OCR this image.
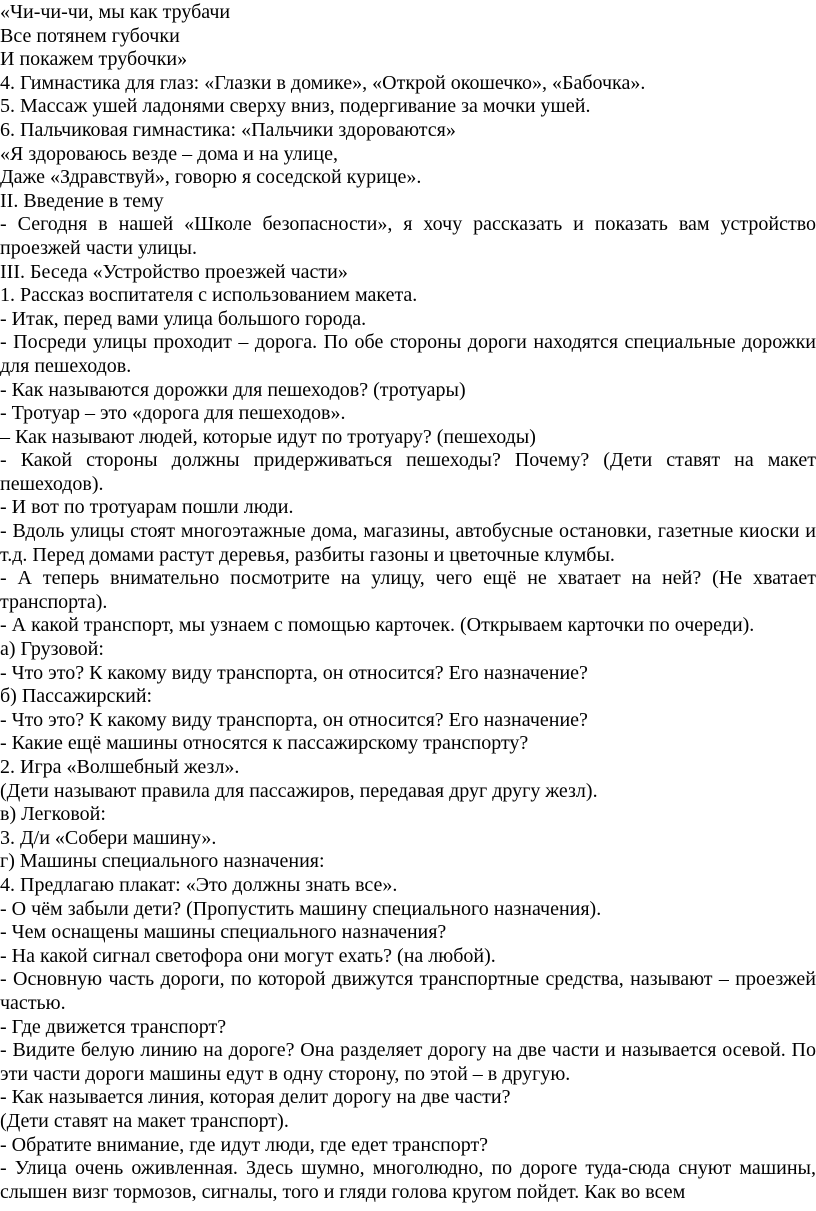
«Чи-чи-чи, мы как трубачи
Все потянем губочки
И покажем трубочки»
4. Гимнастика для глаз: «Глазки в домике», «Открой окошечко», «Бабочка».
5. Массаж ушей ладонями сверху вниз, подергивание за мочки ушей.
6. Пальчиковая гимнастика: «Пальчики здороваются»
«Я здороваюсь везде – дома и на улице,
Даже «Здравствуй», говорю я соседской курице».
II. Введение в тему
- Сегодня в нашей «Школе безопасности», я хочу рассказать и показать вам устройство проезжей части улицы.
III. Беседа «Устройство проезжей части»
1. Рассказ воспитателя с использованием макета.
- Итак, перед вами улица большого города.
- Посреди улицы проходит – дорога. По обе стороны дороги находятся специальные дорожки для пешеходов.
- Как называются дорожки для пешеходов? (тротуары)
- Тротуар – это «дорога для пешеходов».
– Как называют людей, которые идут по тротуару? (пешеходы)
- Какой стороны должны придерживаться пешеходы? Почему? (Дети ставят на макет пешеходов).
- И вот по тротуарам пошли люди.
- Вдоль улицы стоят многоэтажные дома, магазины, автобусные остановки, газетные киоски и т.д. Перед домами растут деревья, разбиты газоны и цветочные клумбы.
- А теперь внимательно посмотрите на улицу, чего ещё не хватает на ней? (Не хватает транспорта).
- А какой транспорт, мы узнаем с помощью карточек. (Открываем карточки по очереди).
а) Грузовой:
- Что это? К какому виду транспорта, он относится? Его назначение?
б) Пассажирский:
- Что это? К какому виду транспорта, он относится? Его назначение?
- Какие ещё машины относятся к пассажирскому транспорту?
2. Игра «Волшебный жезл».
(Дети называют правила для пассажиров, передавая друг другу жезл).
в) Легковой:
3. Д/и «Собери машину».
г) Машины специального назначения:
4. Предлагаю плакат: «Это должны знать все».
- О чём забыли дети? (Пропустить машину специального назначения).
- Чем оснащены машины специального назначения?
- На какой сигнал светофора они могут ехать? (на любой).
- Основную часть дороги, по которой движутся транспортные средства, называют – проезжей частью.
- Где движется транспорт?
- Видите белую линию на дороге? Она разделяет дорогу на две части и называется осевой. По эти части дороги машины едут в одну сторону, по этой – в другую.
- Как называется линия, которая делит дорогу на две части?
(Дети ставят на макет транспорт).
- Обратите внимание, где идут люди, где едет транспорт?
- Улица очень оживленная. Здесь шумно, многолюдно, по дороге туда-сюда снуют машины, слышен визг тормозов, сигналы, того и гляди голова кругом пойдет. Как во всем
